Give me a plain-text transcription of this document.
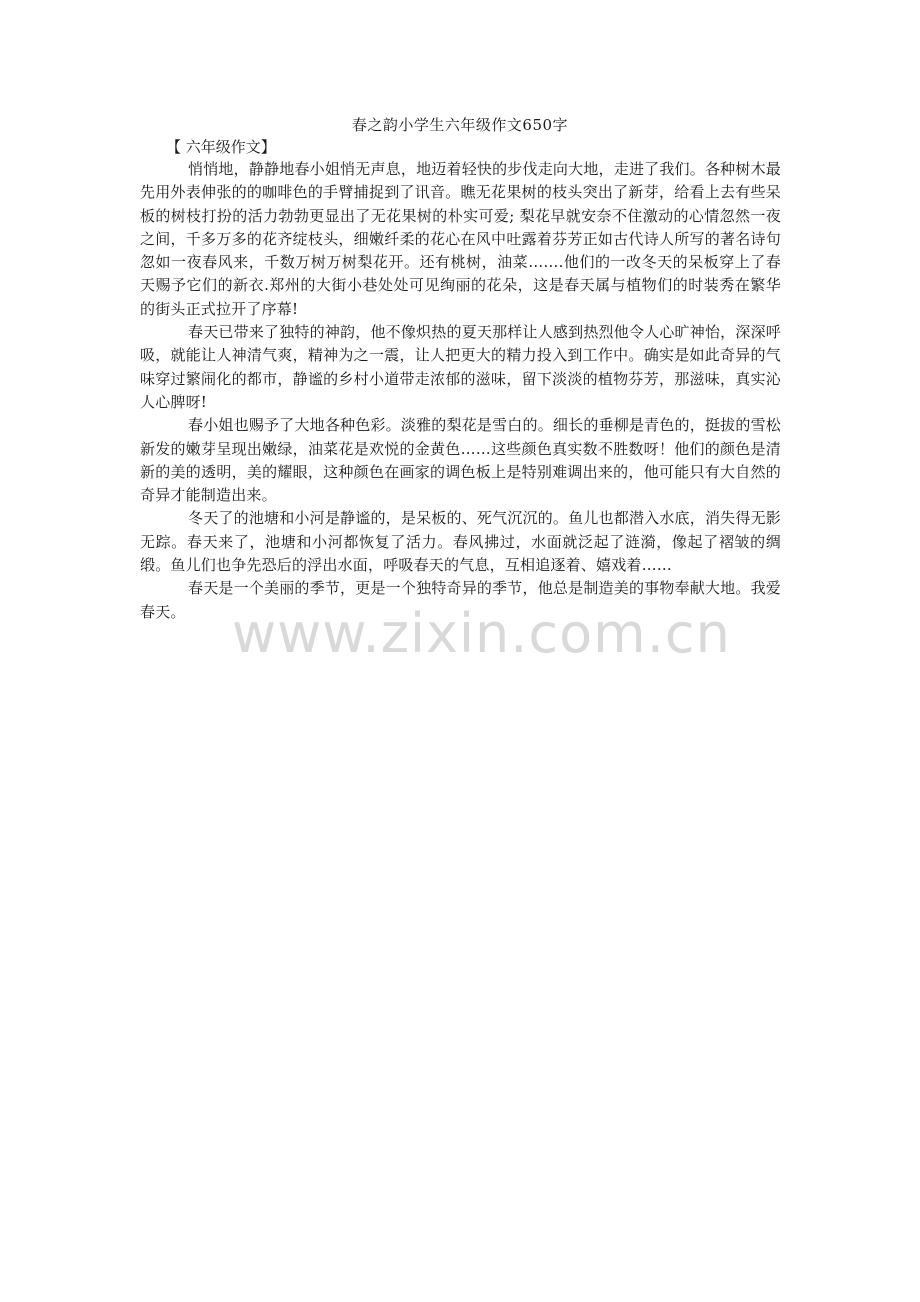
春之韵小学生六年级作文650字
【 六年级作文】

悄悄地，静静地春小姐悄无声息，地迈着轻快的步伐走向大地，走进了我们。各种树木最先用外表伸张的的咖啡色的手臂捕捉到了讯音。瞧无花果树的枝头突出了新芽，给看上去有些呆板的树枝打扮的活力勃勃更显出了无花果树的朴实可爱; 梨花早就安奈不住激动的心情忽然一夜之间，千多万多的花齐绽枝头，细嫩纤柔的花心在风中吐露着芬芳正如古代诗人所写的著名诗句忽如一夜春风来，千数万树万树梨花开。还有桃树，油菜…….他们的一改冬天的呆板穿上了春天赐予它们的新衣.郑州的大街小巷处处可见绚丽的花朵，这是春天属与植物们的时装秀在繁华的街头正式拉开了序幕!

春天已带来了独特的神韵，他不像炽热的夏天那样让人感到热烈他令人心旷神怡，深深呼吸，就能让人神清气爽，精神为之一震，让人把更大的精力投入到工作中。确实是如此奇异的气味穿过繁闹化的都市，静谧的乡村小道带走浓郁的滋味，留下淡淡的植物芬芳，那滋味，真实沁人心脾呀!

春小姐也赐予了大地各种色彩。淡雅的梨花是雪白的。细长的垂柳是青色的，挺拔的雪松新发的嫩芽呈现出嫩绿，油菜花是欢悦的金黄色……这些颜色真实数不胜数呀！他们的颜色是清新的美的透明，美的耀眼，这种颜色在画家的调色板上是特别难调出来的，他可能只有大自然的奇异才能制造出来。

冬天了的池塘和小河是静谧的，是呆板的、死气沉沉的。鱼儿也都潜入水底，消失得无影无踪。春天来了，池塘和小河都恢复了活力。春风拂过，水面就泛起了涟漪，像起了褶皱的绸缎。鱼儿们也争先恐后的浮出水面，呼吸春天的气息，互相追逐着、嬉戏着……

春天是一个美丽的季节，更是一个独特奇异的季节，他总是制造美的事物奉献大地。我爱春天。 www.zixin.com.cn
